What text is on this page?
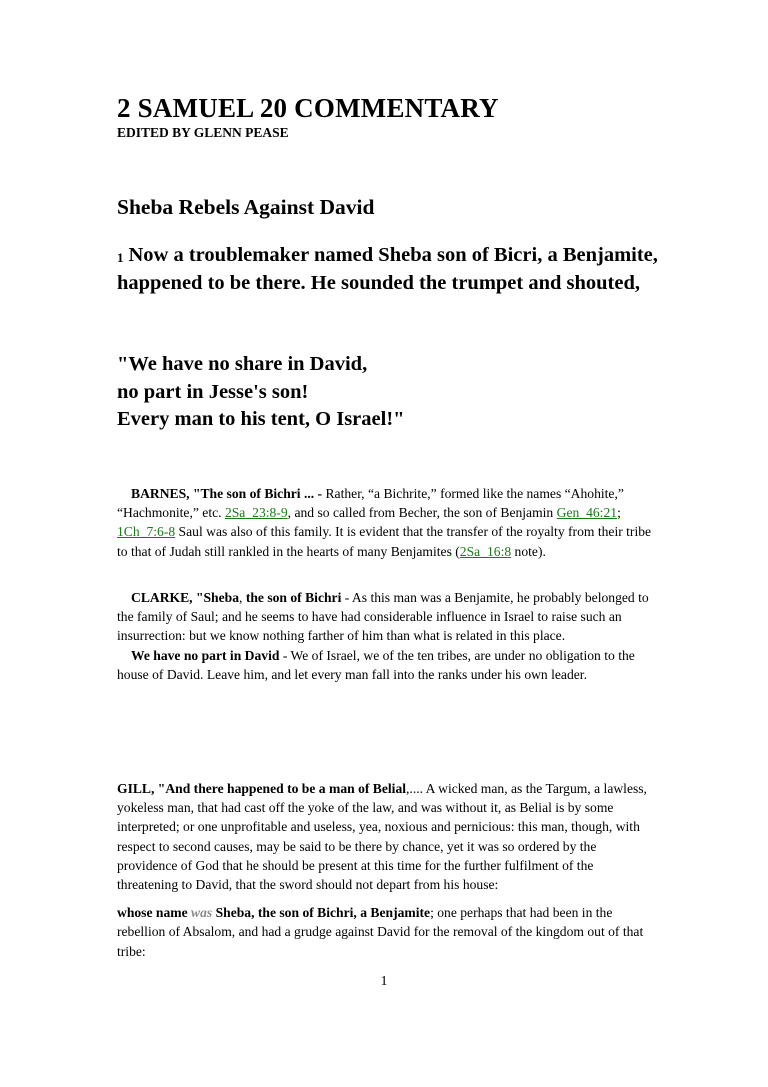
2 SAMUEL 20 COMMENTARY
EDITED BY GLENN PEASE
Sheba Rebels Against David
$^1$ Now a troublemaker named Sheba son of Bicri, a Benjamite, happened to be there. He sounded the trumpet and shouted,
"We have no share in David,
no part in Jesse's son!
Every man to his tent, O Israel!"

BARNES, "The son of Bichri ... - Rather, “a Bichrite,” formed like the names “Ahohite,” “Hachmonite,” etc. 2Sa_23:8-9, and so called from Becher, the son of Benjamin Gen_46:21; 1Ch_7:6-8 Saul was also of this family. It is evident that the transfer of the royalty from their tribe to that of Judah still rankled in the hearts of many Benjamites (2Sa_16:8 note).

CLARKE, "Sheba, the son of Bichri - As this man was a Benjamite, he probably belonged to the family of Saul; and he seems to have had considerable influence in Israel to raise such an insurrection: but we know nothing farther of him than what is related in this place.

We have no part in David - We of Israel, we of the ten tribes, are under no obligation to the house of David. Leave him, and let every man fall into the ranks under his own leader.

GILL, "And there happened to be a man of Belial,.... A wicked man, as the Targum, a lawless, yokeless man, that had cast off the yoke of the law, and was without it, as Belial is by some interpreted; or one unprofitable and useless, yea, noxious and pernicious: this man, though, with respect to second causes, may be said to be there by chance, yet it was so ordered by the providence of God that he should be present at this time for the further fulfilment of the threatening to David, that the sword should not depart from his house:

whose name was Sheba, the son of Bichri, a Benjamite; one perhaps that had been in the rebellion of Absalom, and had a grudge against David for the removal of the kingdom out of that tribe:

1
